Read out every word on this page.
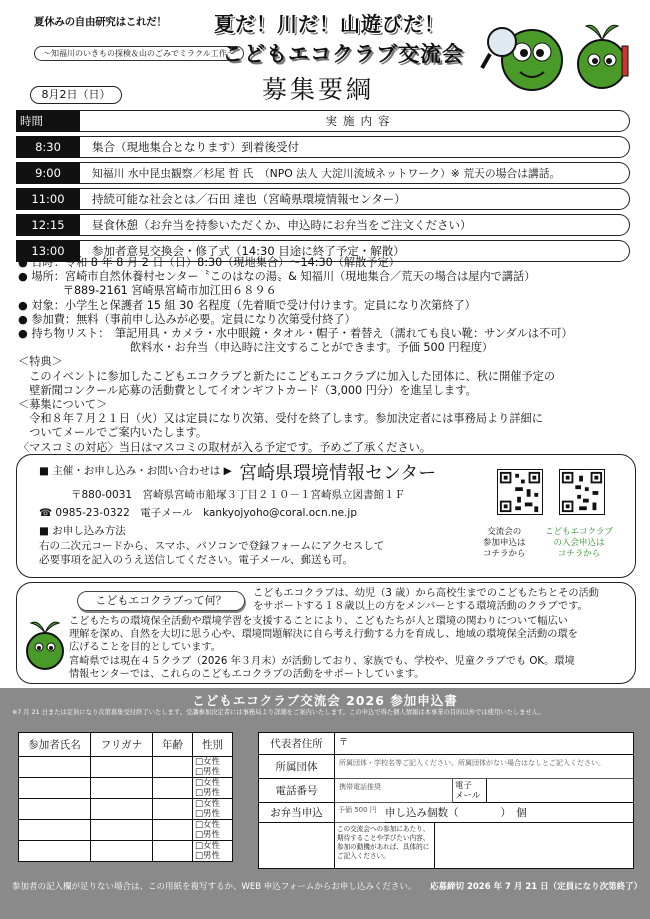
夏休みの自由研究はこれだ！
〜知福川のいきもの探検＆山のごみでミラクル工作〜
夏だ！川だ！山遊びだ！
こどもエコクラブ交流会
募集要綱
8月2日（日）
時間	実施内容
8:30	集合（現地集合となります）到着後受付
9:00	知福川 水中昆虫観察／杉尾 哲 氏　（NPO 法人 大淀川流域ネットワーク）※ 荒天の場合は講話。
11:00	持続可能な社会とは／石田 達也（宮崎県環境情報センター）
12:15	昼食休憩（お弁当を持参いただくか、申込時にお弁当をご注文ください）
13:00	参加者意見交換会・修了式（14:30 目途に終了予定・解散）

● 日時：令和 8 年 8 月 2 日（日）8:30（現地集合）〜14:30（解散予定）

● 場所：宮崎市自然休養村センター〝このはなの湯〟& 知福川（現地集合／荒天の場合は屋内で講話）

　　　　〒889-2161 宮崎県宮崎市加江田６８９６

● 対象：小学生と保護者 15 組 30 名程度（先着順で受け付けます。定員になり次第終了）

● 参加費：無料（事前申し込みが必要。定員になり次第受付終了）

● 持ち物リスト：　筆記用具・カメラ・水中眼鏡・タオル・帽子・着替え（濡れても良い靴：サンダルは不可）

　　　　　　　　　　飲料水・お弁当（申込時に注文することができます。予価 500 円程度）

＜特典＞

　このイベントに参加したこどもエコクラブと新たにこどもエコクラブに加入した団体に、秋に開催予定の

　壁新聞コンクール応募の活動費としてイオンギフトカード（3,000 円分）を進呈します。

＜募集について＞

　令和８年７月２１日（火）又は定員になり次第、受付を終了します。参加決定者には事務局より詳細に

　ついてメールでご案内いたします。

〈マスコミの対応〉当日はマスコミの取材が入る予定です。予めご了承ください。

■ 主催・お申し込み・お問い合わせは ▶ 宮崎県環境情報センター
〒880-0031　宮崎県宮崎市船塚３丁目２１０－１宮崎県立図書館１Ｆ
☎ 0985-23-0322　電子メール　kankyojyoho@coral.ocn.ne.jp
■ お申し込み方法
右の二次元コードから、スマホ、パソコンで登録フォームにアクセスして
必要事項を記入のうえ送信してください。電子メール、郵送も可。
交流会の
参加申込は
コチラから
こどもエコクラブ
の入会申込は
コチラから
こどもエコクラブって何？
こどもエコクラブは、幼児（3 歳）から高校生までのこどもたちとその活動
をサポートする１８歳以上の方をメンバーとする環境活動のクラブです。
こどもたちの環境保全活動や環境学習を支援することにより、こどもたちが人と環境の関わりについて幅広い
理解を深め、自然を大切に思う心や、環境問題解決に自ら考え行動する力を育成し、地域の環境保全活動の環を
広げることを目的としています。
宮崎県では現在４５クラブ（2026 年３月末）が活動しており、家族でも、学校や、児童クラブでも OK。環境
情報センターでは、これらのこどもエコクラブの活動をサポートしています。
こどもエコクラブ交流会 2026 参加申込書
※7 月 21 日または定員になり次第募集受付終了いたします。受講参加決定者には事務局より詳細をご案内いたします。この申込で得た個人情報は本事業の目的以外では使用いたしません。
参加者氏名	フリガナ	年齢	性別

			□女性
□男性

			□女性
□男性

			□女性
□男性

			□女性
□男性

			□女性
□男性
代表者住所	〒
所属団体	所属団体・学校名等ご記入ください。所属団体がない場合はなしとご記入ください。
電話番号	携帯電話推奨	電子
メール
お弁当申込	予価 500 円 申し込み個数（　　　　）　個
この交流会への参加にあたり、期待することや学びたい内容、参加の動機があれば、具体的にご記入ください。
参加者の記入欄が足りない場合は、この用紙を複写するか、WEB 申込フォームからお申し込みください。 応募締切 2026 年 7 月 21 日（定員になり次第終了）
